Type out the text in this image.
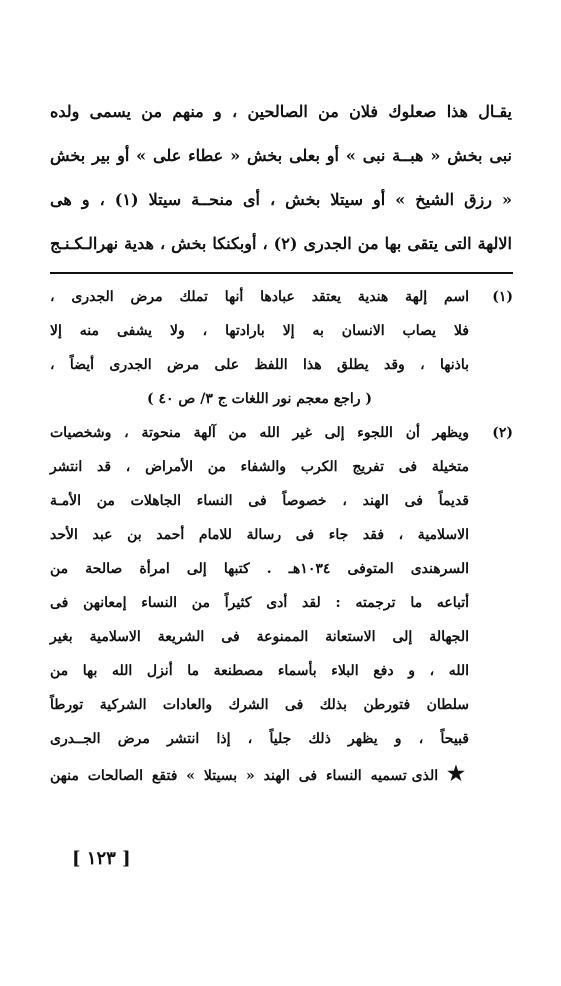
يقـال هذا صعلوك فلان من الصالحين ، و منهم من يسمى ولده
نبى بخش « هبــة نبى » أو بعلى بخش « عطاء على » أو بير بخش
« رزق الشيخ » أو سيتلا بخش ، أى منحــة سيتلا (١) ، و هى
الالهة التى يتقى بها من الجدرى (٢) ، أوبكنكا بخش ، هدية نهرالـكـنـج
(١)
اسم إلهة هندية يعتقد عبادها أنها تملك مرض الجدرى ،
فلا يصاب الانسان به إلا بارادتها ، ولا يشفى منه إلا
باذنها ، وقد يطلق هذا اللفظ على مرض الجدرى أيضاً ،
( راجع معجم نور اللغات ج ٣/ ص ٤٠ )
(٢)
ويظهر أن اللجوء إلى غير الله من آلهة منحوتة ، وشخصيات
متخيلة فى تفريج الكرب والشفاء من الأمراض ، قد انتشر
قديماً فى الهند ، خصوصاً فى النساء الجاهلات من الأمـة
الاسلامية ، فقد جاء فى رسالة للامام أحمد بن عبد الأحد
السرهندى المتوفى ١٠٣٤هـ . كتبها إلى امرأة صالحة من
أتباعه ما ترجمته : لقد أدى كثيراً من النساء إمعانهن فى
الجهالة إلى الاستعانة الممنوعة فى الشريعة الاسلامية بغير
الله ، و دفع البلاء بأسماء مصطنعة ما أنزل الله بها من
سلطان فتورطن بذلك فى الشرك والعادات الشركية تورطاً
قبيحاً ، و يظهر ذلك جلياً ، إذا انتشر مرض الجــدرى
★ الذى تسميه النساء فى الهند « بسيتلا » فتقع الصالحات منهن
[ ١٢٣ ]
